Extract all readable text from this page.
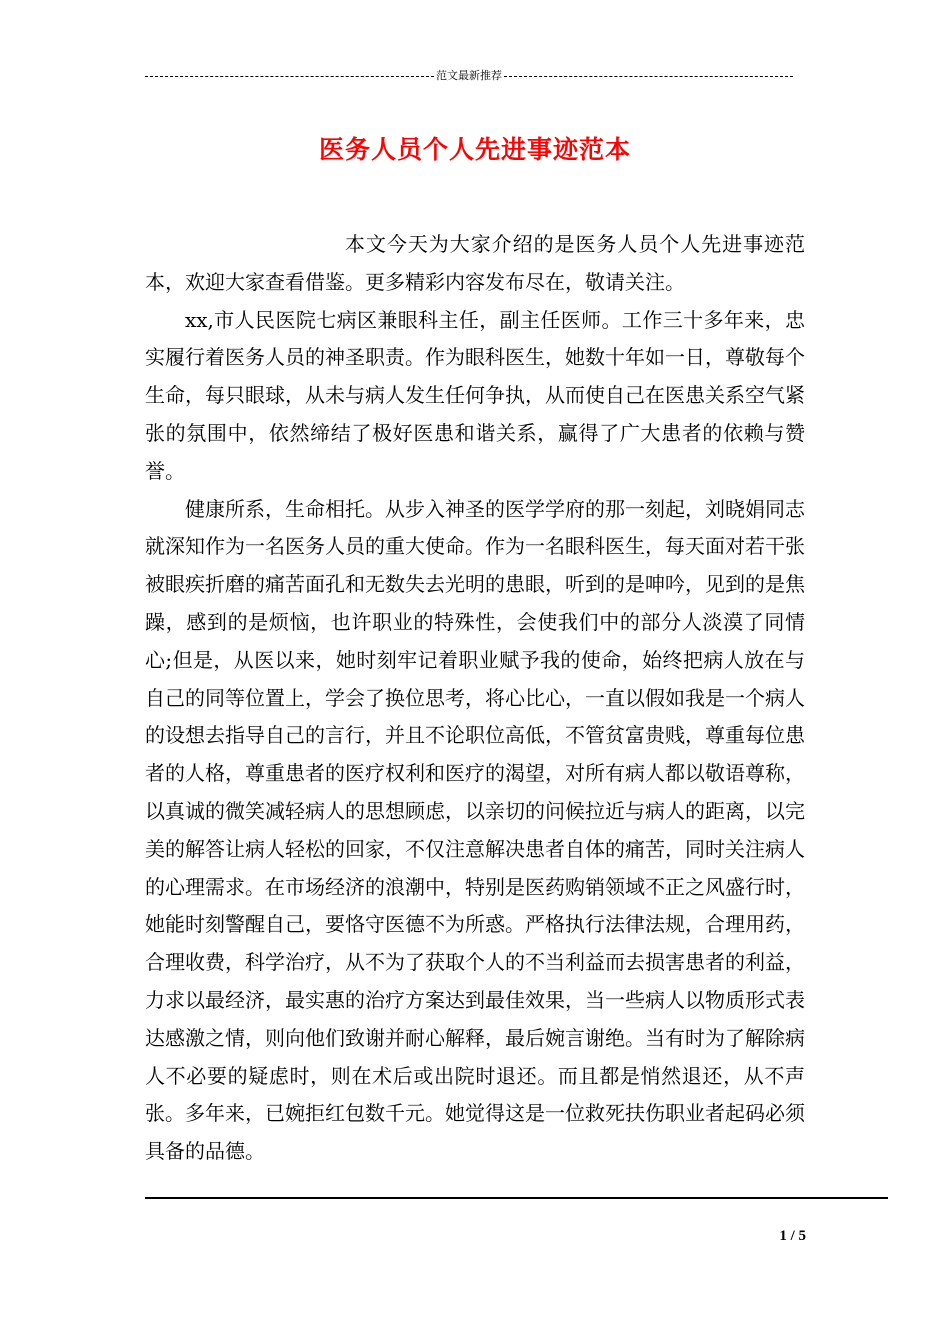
范文最新推荐
医务人员个人先进事迹范本

本文今天为大家介绍的是医务人员个人先进事迹范本，欢迎大家查看借鉴。更多精彩内容发布尽在，敬请关注。

xx,市人民医院七病区兼眼科主任，副主任医师。工作三十多年来，忠实履行着医务人员的神圣职责。作为眼科医生，她数十年如一日，尊敬每个生命，每只眼球，从未与病人发生任何争执，从而使自己在医患关系空气紧张的氛围中，依然缔结了极好医患和谐关系，赢得了广大患者的依赖与赞誉。

健康所系，生命相托。从步入神圣的医学学府的那一刻起，刘晓娟同志就深知作为一名医务人员的重大使命。作为一名眼科医生，每天面对若干张被眼疾折磨的痛苦面孔和无数失去光明的患眼，听到的是呻吟，见到的是焦躁，感到的是烦恼，也许职业的特殊性，会使我们中的部分人淡漠了同情心;但是，从医以来，她时刻牢记着职业赋予我的使命，始终把病人放在与自己的同等位置上，学会了换位思考，将心比心，一直以假如我是一个病人的设想去指导自己的言行，并且不论职位高低，不管贫富贵贱，尊重每位患者的人格，尊重患者的医疗权利和医疗的渴望，对所有病人都以敬语尊称，以真诚的微笑减轻病人的思想顾虑，以亲切的问候拉近与病人的距离，以完美的解答让病人轻松的回家，不仅注意解决患者自体的痛苦，同时关注病人的心理需求。在市场经济的浪潮中，特别是医药购销领域不正之风盛行时，她能时刻警醒自己，要恪守医德不为所惑。严格执行法律法规，合理用药，合理收费，科学治疗，从不为了获取个人的不当利益而去损害患者的利益，力求以最经济，最实惠的治疗方案达到最佳效果，当一些病人以物质形式表达感激之情，则向他们致谢并耐心解释，最后婉言谢绝。当有时为了解除病人不必要的疑虑时，则在术后或出院时退还。而且都是悄然退还，从不声张。多年来，已婉拒红包数千元。她觉得这是一位救死扶伤职业者起码必须具备的品德。

1 / 5
